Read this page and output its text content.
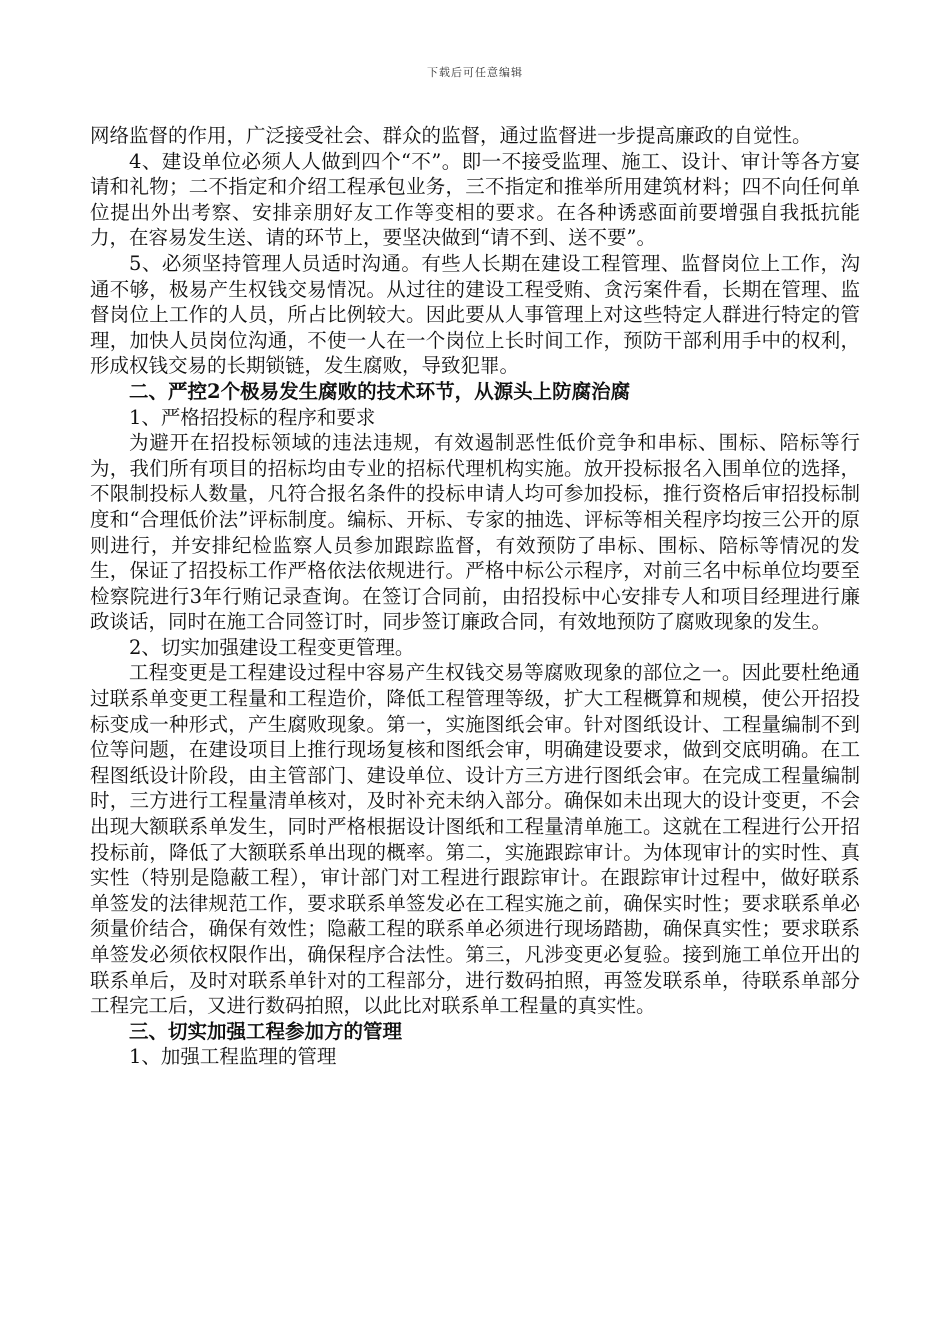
下载后可任意编辑

网络监督的作用，广泛接受社会、群众的监督，通过监督进一步提高廉政的自觉性。

4、建设单位必须人人做到四个“不”。即一不接受监理、施工、设计、审计等各方宴请和礼物；二不指定和介绍工程承包业务，三不指定和推举所用建筑材料；四不向任何单位提出外出考察、安排亲朋好友工作等变相的要求。在各种诱惑面前要增强自我抵抗能力，在容易发生送、请的环节上，要坚决做到“请不到、送不要”。

5、必须坚持管理人员适时沟通。有些人长期在建设工程管理、监督岗位上工作，沟通不够，极易产生权钱交易情况。从过往的建设工程受贿、贪污案件看，长期在管理、监督岗位上工作的人员，所占比例较大。因此要从人事管理上对这些特定人群进行特定的管理，加快人员岗位沟通，不使一人在一个岗位上长时间工作，预防干部利用手中的权利，形成权钱交易的长期锁链，发生腐败，导致犯罪。

二、严控2个极易发生腐败的技术环节，从源头上防腐治腐

1、严格招投标的程序和要求

为避开在招投标领域的违法违规，有效遏制恶性低价竞争和串标、围标、陪标等行为，我们所有项目的招标均由专业的招标代理机构实施。放开投标报名入围单位的选择，不限制投标人数量，凡符合报名条件的投标申请人均可参加投标，推行资格后审招投标制度和“合理低价法”评标制度。编标、开标、专家的抽选、评标等相关程序均按三公开的原则进行，并安排纪检监察人员参加跟踪监督，有效预防了串标、围标、陪标等情况的发生，保证了招投标工作严格依法依规进行。严格中标公示程序，对前三名中标单位均要至检察院进行3年行贿记录查询。在签订合同前，由招投标中心安排专人和项目经理进行廉政谈话，同时在施工合同签订时，同步签订廉政合同，有效地预防了腐败现象的发生。

2、切实加强建设工程变更管理。

工程变更是工程建设过程中容易产生权钱交易等腐败现象的部位之一。因此要杜绝通过联系单变更工程量和工程造价，降低工程管理等级，扩大工程概算和规模，使公开招投标变成一种形式，产生腐败现象。第一，实施图纸会审。针对图纸设计、工程量编制不到位等问题，在建设项目上推行现场复核和图纸会审，明确建设要求，做到交底明确。在工程图纸设计阶段，由主管部门、建设单位、设计方三方进行图纸会审。在完成工程量编制时，三方进行工程量清单核对，及时补充未纳入部分。确保如未出现大的设计变更，不会出现大额联系单发生，同时严格根据设计图纸和工程量清单施工。这就在工程进行公开招投标前，降低了大额联系单出现的概率。第二，实施跟踪审计。为体现审计的实时性、真实性（特别是隐蔽工程），审计部门对工程进行跟踪审计。在跟踪审计过程中，做好联系单签发的法律规范工作，要求联系单签发必在工程实施之前，确保实时性；要求联系单必须量价结合，确保有效性；隐蔽工程的联系单必须进行现场踏勘，确保真实性；要求联系单签发必须依权限作出，确保程序合法性。第三，凡涉变更必复验。接到施工单位开出的联系单后，及时对联系单针对的工程部分，进行数码拍照，再签发联系单，待联系单部分工程完工后，又进行数码拍照，以此比对联系单工程量的真实性。

三、切实加强工程参加方的管理

1、加强工程监理的管理
